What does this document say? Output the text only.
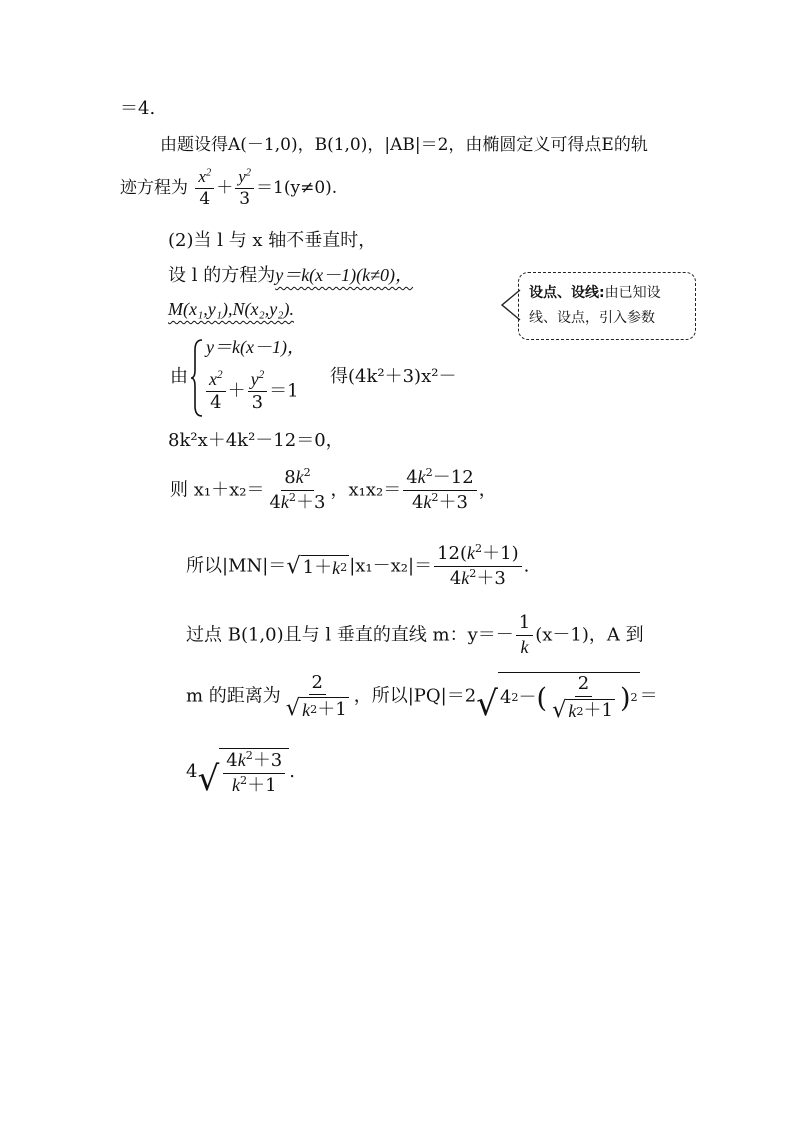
＝4.
由题设得A(－1,0)，B(1,0)，|AB|＝2，由椭圆定义可得点E的轨
迹方程为 $\frac{x^2}{4} + \frac{y^2}{3} =1(y\ne 0)$.
(2)当 l 与 x 轴不垂直时，
设 l 的方程为y＝k(x－1)(k≠0)，
M(x₁,y₁),N(x₂,y₂).
设点、设线:由已知设线、设点，引入参数
由
y＝k(x－1)，
$\frac{x^2}{4} + \frac{y^2}{3} =1$
得(4k²＋3)x²－
8k²x＋4k²－12＝0，
则 $x_1+x_2= \frac{8k^2}{4k^2+3}$ ，$x_1x_2= \frac{4k^2-12}{4k^2+3}$ ，
所以|MN|＝ √ 1＋ k 2 $|x_1-x_2|= \frac{12(k^2+1)}{4k^2+3}$ .
过点 B(1,0)且与 l 垂直的直线 m：$y=- \frac{1}{k} (x-1)$，A 到
m 的距离为 $\frac{2}{√ k 2 +1}$ ，所以|PQ|＝2 √ 4 2 － ( $\frac{2}{√ k 2 +1}$ ) 2 ＝
4 √ $\frac{4k^2+3}{k^2+1}$ .
